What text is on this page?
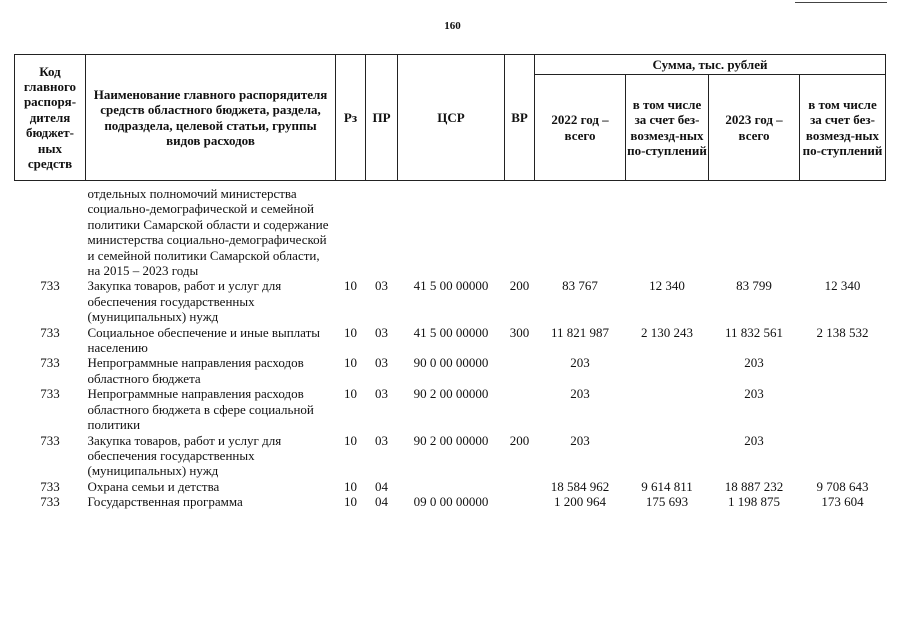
160
Код главного распоря-дителя бюджет-ных средств	Наименование главного распорядителя средств областного бюджета, раздела, подраздела, целевой статьи, группы видов расходов	Рз	ПР	ЦСР	ВР	Сумма, тыс. рублей			
						2022 год – всего	в том числе за счет без-возмезд-ных по-ступлений	2023 год – всего	в том числе за счет без-возмезд-ных по-ступлений
	отдельных полномочий министерства социально-демографической и семейной политики Самарской области и содержание министерства социально-демографической и семейной политики Самарской области, на 2015 – 2023 годы								
733	Закупка товаров, работ и услуг для обеспечения государственных (муниципальных) нужд	10	03	41 5 00 00000	200	83 767	12 340	83 799	12 340
733	Социальное обеспечение и иные выплаты населению	10	03	41 5 00 00000	300	11 821 987	2 130 243	11 832 561	2 138 532
733	Непрограммные направления расходов областного бюджета	10	03	90 0 00 00000		203		203	
733	Непрограммные направления расходов областного бюджета в сфере социальной политики	10	03	90 2 00 00000		203		203	
733	Закупка товаров, работ и услуг для обеспечения государственных (муниципальных) нужд	10	03	90 2 00 00000	200	203		203	
733	Охрана семьи и детства	10	04			18 584 962	9 614 811	18 887 232	9 708 643
733	Государственная программа	10	04	09 0 00 00000		1 200 964	175 693	1 198 875	173 604
